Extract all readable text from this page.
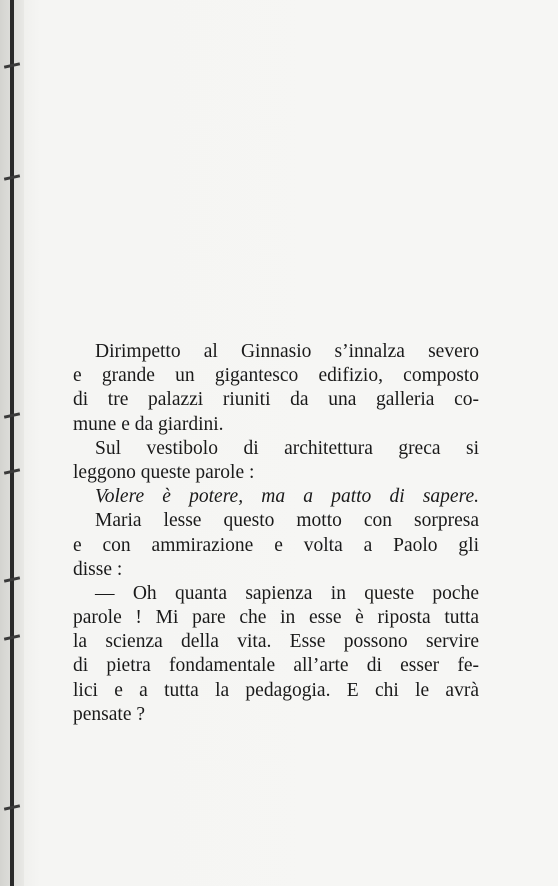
Dirimpetto al Ginnasio s’innalza severo
e grande un gigantesco edifizio, composto
di tre palazzi riuniti da una galleria co-
mune e da giardini.
Sul vestibolo di architettura greca si
leggono queste parole :
Volere è potere, ma a patto di sapere.
Maria lesse questo motto con sorpresa
e con ammirazione e volta a Paolo gli
disse :
— Oh quanta sapienza in queste poche
parole ! Mi pare che in esse è riposta tutta
la scienza della vita. Esse possono servire
di pietra fondamentale all’arte di esser fe-
lici e a tutta la pedagogia. E chi le avrà
pensate ?
